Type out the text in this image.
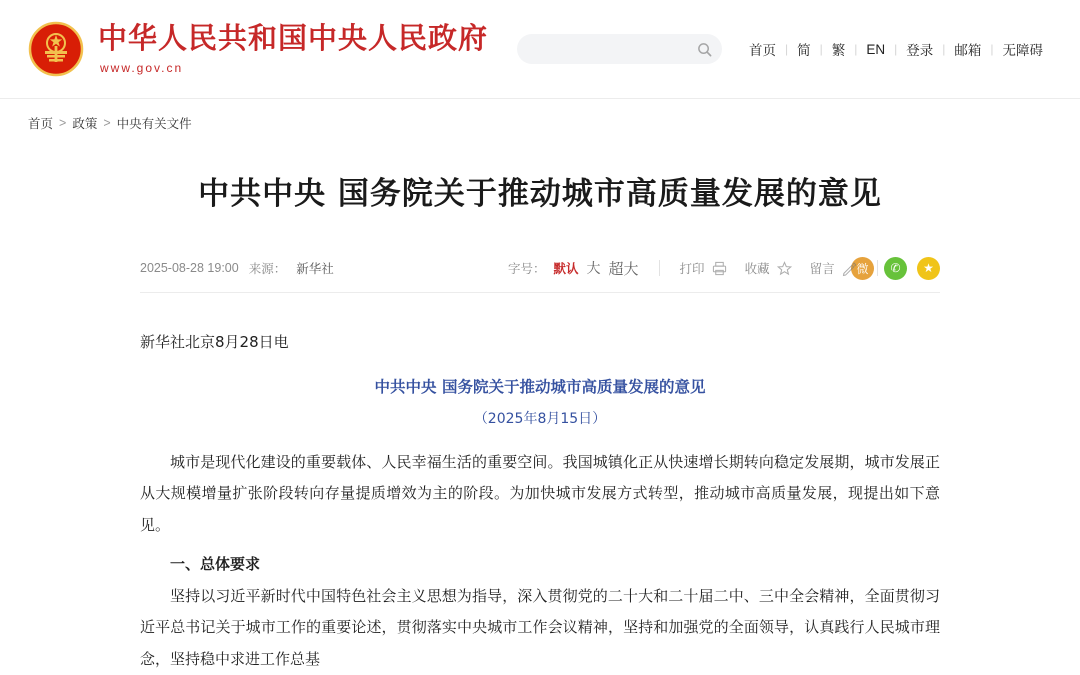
中华人民共和国中央人民政府
www.gov.cn
首页 | 简 | 繁 | EN | 登录 | 邮箱 | 无障碍
首页 > 政策 > 中央有关文件
中共中央 国务院关于推动城市高质量发展的意见
2025-08-28 19:00 来源： 新华社	字号： 默认 大 超大	打印	收藏	留言	微	✆	★
新华社北京8月28日电
中共中央 国务院关于推动城市高质量发展的意见
（2025年8月15日）

城市是现代化建设的重要载体、人民幸福生活的重要空间。我国城镇化正从快速增长期转向稳定发展期，城市发展正从大规模增量扩张阶段转向存量提质增效为主的阶段。为加快城市发展方式转型，推动城市高质量发展，现提出如下意见。

一、总体要求

坚持以习近平新时代中国特色社会主义思想为指导，深入贯彻党的二十大和二十届二中、三中全会精神，全面贯彻习近平总书记关于城市工作的重要论述，贯彻落实中央城市工作会议精神，坚持和加强党的全面领导，认真践行人民城市理念，坚持稳中求进工作总基
